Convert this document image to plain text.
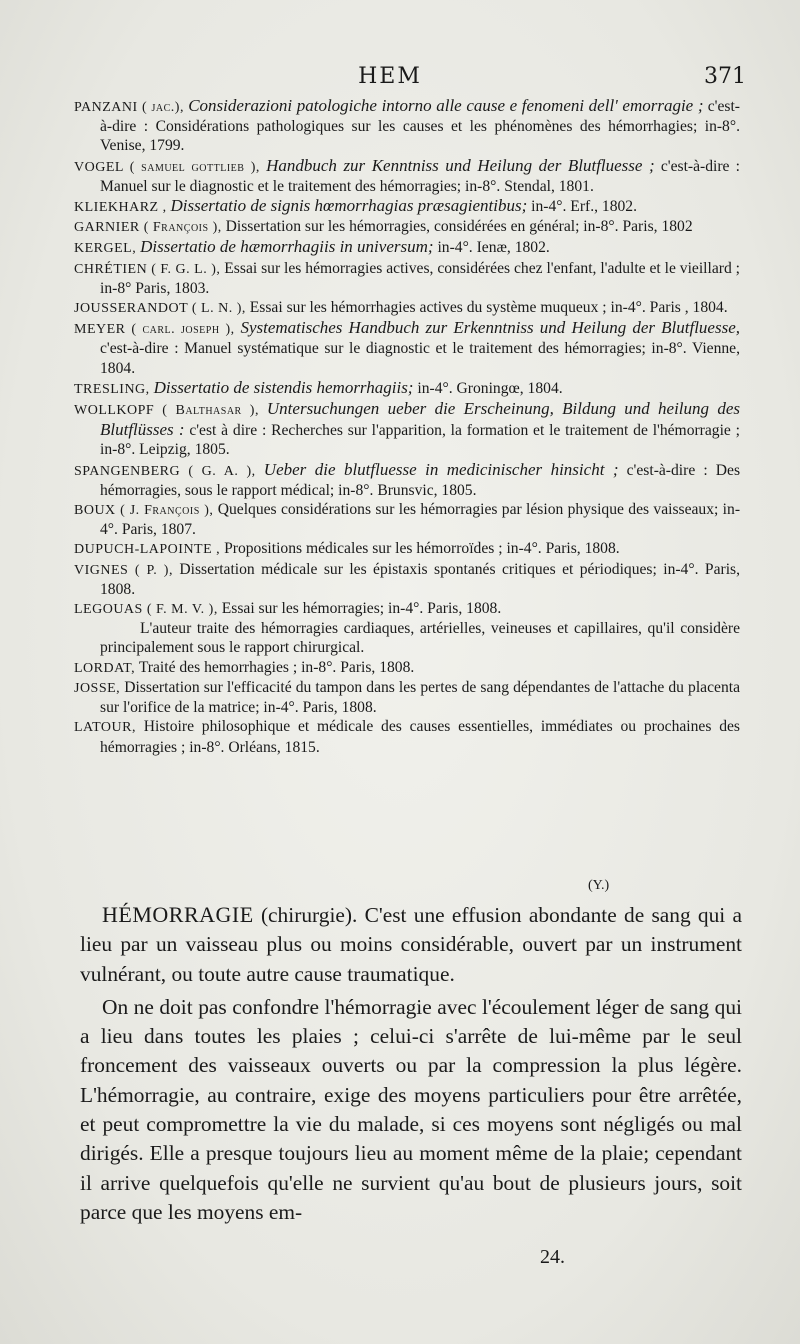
HEM	371

PANZANI ( jac.), Considerazioni patologiche intorno alle cause e fenomeni dell' emorragie ; c'est-à-dire : Considérations pathologiques sur les causes et les phénomènes des hémorrhagies; in-8°. Venise, 1799.

VOGEL ( samuel gottlieb ), Handbuch zur Kenntniss und Heilung der Blutfluesse ; c'est-à-dire : Manuel sur le diagnostic et le traitement des hémorragies; in-8°. Stendal, 1801.

KLIEKHARZ , Dissertatio de signis hœmorrhagias præsagientibus; in-4°. Erf., 1802.

GARNIER ( François ), Dissertation sur les hémorragies, considérées en général; in-8°. Paris, 1802

KERGEL, Dissertatio de hæmorrhagiis in universum; in-4°. Ienæ, 1802.

CHRÉTIEN ( F. G. L. ), Essai sur les hémorragies actives, considérées chez l'enfant, l'adulte et le vieillard ; in-8° Paris, 1803.

JOUSSERANDOT ( L. N. ), Essai sur les hémorrhagies actives du système muqueux ; in-4°. Paris , 1804.

MEYER ( carl. joseph ), Systematisches Handbuch zur Erkenntniss und Heilung der Blutfluesse, c'est-à-dire : Manuel systématique sur le diagnostic et le traitement des hémorragies; in-8°. Vienne, 1804.

TRESLING, Dissertatio de sistendis hemorrhagiis; in-4°. Groningœ, 1804.

WOLLKOPF ( Balthasar ), Untersuchungen ueber die Erscheinung, Bildung und heilung des Blutflüsses : c'est à dire : Recherches sur l'apparition, la formation et le traitement de l'hémorragie ; in-8°. Leipzig, 1805.

SPANGENBERG ( G. A. ), Ueber die blutfluesse in medicinischer hinsicht ; c'est-à-dire : Des hémorragies, sous le rapport médical; in-8°. Brunsvic, 1805.

BOUX ( J. François ), Quelques considérations sur les hémorragies par lésion physique des vaisseaux; in-4°. Paris, 1807.

DUPUCH-LAPOINTE , Propositions médicales sur les hémorroïdes ; in-4°. Paris, 1808.

VIGNES ( P. ), Dissertation médicale sur les épistaxis spontanés critiques et périodiques; in-4°. Paris, 1808.

LEGOUAS ( F. M. V. ), Essai sur les hémorragies; in-4°. Paris, 1808.

L'auteur traite des hémorragies cardiaques, artérielles, veineuses et capillaires, qu'il considère principalement sous le rapport chirurgical.

LORDAT, Traité des hemorrhagies ; in-8°. Paris, 1808.

JOSSE, Dissertation sur l'efficacité du tampon dans les pertes de sang dépendantes de l'attache du placenta sur l'orifice de la matrice; in-4°. Paris, 1808.

LATOUR, Histoire philosophique et médicale des causes essentielles, immédiates ou prochaines des hémorragies ; in-8°. Orléans, 1815.

(Y.)

HÉMORRAGIE (chirurgie). C'est une effusion abondante de sang qui a lieu par un vaisseau plus ou moins considérable, ouvert par un instrument vulnérant, ou toute autre cause traumatique.

On ne doit pas confondre l'hémorragie avec l'écoulement léger de sang qui a lieu dans toutes les plaies ; celui-ci s'arrête de lui-même par le seul froncement des vaisseaux ouverts ou par la compression la plus légère. L'hémorragie, au contraire, exige des moyens particuliers pour être arrêtée, et peut compromettre la vie du malade, si ces moyens sont négligés ou mal dirigés. Elle a presque toujours lieu au moment même de la plaie; cependant il arrive quelquefois qu'elle ne survient qu'au bout de plusieurs jours, soit parce que les moyens em-

24.
